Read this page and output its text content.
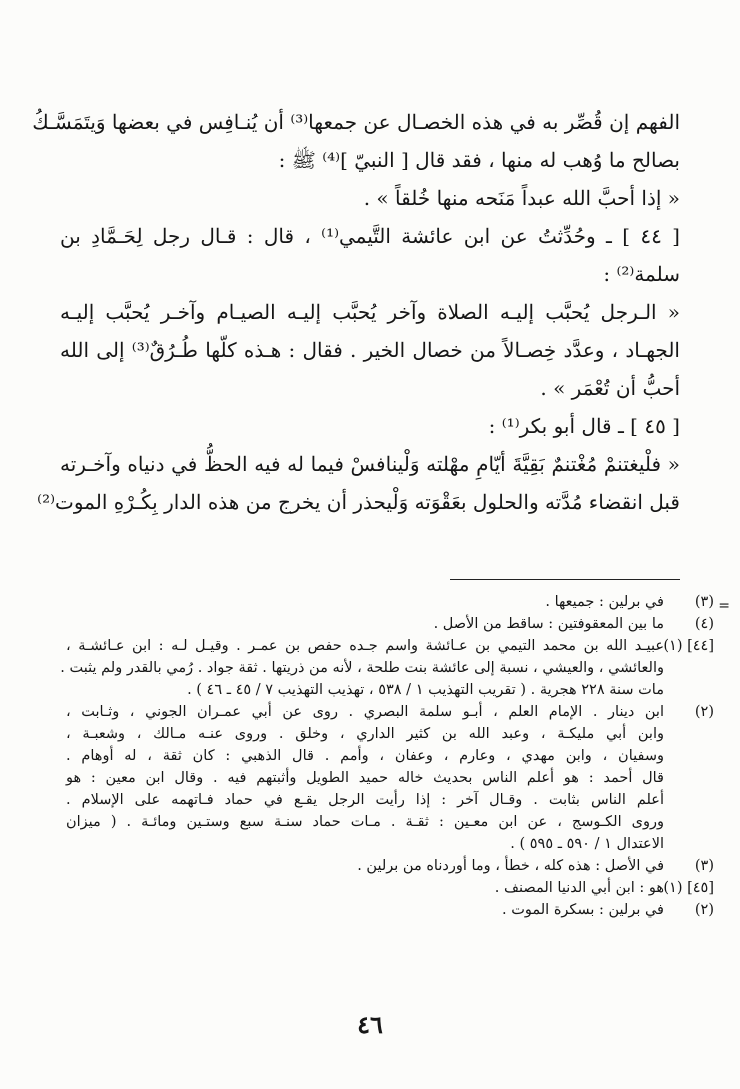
الفهم إن قُصِّر به في هذه الخصـال عن جمعها⁽³⁾ أن يُنـافِس في بعضها وَيتَمَسَّـكُ
بصالح ما وُهب له منها ، فقد قال [ النبيّ ]⁽⁴⁾ ﷺ :
« إذا أحبَّ الله عبداً مَنَحه منها خُلقاً » .
[ ٤٤ ] ـ وحُدِّثتُ عن ابن عائشة التَّيمي⁽¹⁾ ، قال : قـال رجل لِحَـمَّادِ بن
سلمة⁽²⁾ :
« الـرجل يُحبَّب إليـه الصلاة وآخر يُحبَّب إليـه الصيـام وآخـر يُحبَّب إليـه
الجهـاد ، وعدَّد خِصـالاً من خصال الخير . فقال : هـذه كلّها طُـرُقٌ⁽³⁾ إلى الله
أحبُّ أن تُعْمَر » .
[ ٤٥ ] ـ قال أبو بكر⁽¹⁾ :
« فلْيغتنمْ مُغْتنمٌ بَقِيَّةَ أيّامِ مهْلته وَلْينافسْ فيما له فيه الحظُّ في دنياه وآخـرته
قبل انقضاء مُدَّته والحلول بعَقْوَته وَلْيحذر أن يخرج من هذه الدار بِكُـرْهِ الموت⁽²⁾
=
(٣)
في برلين : جميعها .
(٤)
ما بين المعقوفتين : ساقط من الأصل .
[٤٤] (١)
عبيـد الله بن محمد التيمي بن عـائشة واسم جـده حفص بن عمـر . وقيـل لـه : ابن عـائشـة ،
والعائشي ، والعيشي ، نسبة إلى عائشة بنت طلحة ، لأنه من ذريتها . ثقة جواد . رُمي بالقدر ولم يثبت .
مات سنة ٢٢٨ هجرية . ( تقريب التهذيب ١ / ٥٣٨ ، تهذيب التهذيب ٧ / ٤٥ ـ ٤٦ ) .
(٢)
ابن دينار . الإمام العلم ، أبـو سلمة البصري . روى عن أبي عمـران الجوني ، وثـابت ،
وابن أبي مليكـة ، وعبد الله بن كثير الداري ، وخلق . وروى عنـه مـالك ، وشعبـة ،
وسفيان ، وابن مهدي ، وعارم ، وعفان ، وأمم . قال الذهبي : كان ثقة ، له أوهام .
قال أحمد : هو أعلم الناس بحديث خاله حميد الطويل وأثبتهم فيه . وقال ابن معين : هو
أعلم الناس بثابت . وقـال آخر : إذا رأيت الرجل يقـع في حماد فـاتهمه على الإسلام .
وروى الكـوسج ، عن ابن معـين : ثقـة . مـات حماد سنـة سبع وستـين ومائـة . ( ميزان
الاعتدال ١ / ٥٩٠ ـ ٥٩٥ ) .
(٣)
في الأصل : هذه كله ، خطأ ، وما أوردناه من برلين .
[٤٥] (١)
هو : ابن أبي الدنيا المصنف .
(٢)
في برلين : بسكرة الموت .
٤٦
